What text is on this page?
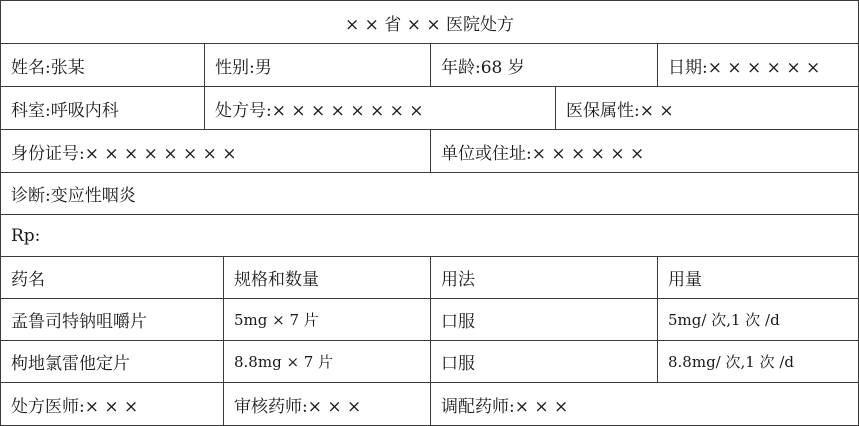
× × 省 × × 医院处方
姓名:张某	性别:男	年龄:68 岁	日期:× × × × × ×
科室:呼吸内科	处方号:× × × × × × × ×	医保属性:× ×
身份证号:× × × × × × × ×	单位或住址:× × × × × ×
诊断:变应性咽炎
Rp:
药名	规格和数量	用法	用量
孟鲁司特钠咀嚼片	5mg × 7 片	口服	5mg/ 次,1 次 /d
枸地氯雷他定片	8.8mg × 7 片	口服	8.8mg/ 次,1 次 /d
处方医师:× × ×	审核药师:× × ×	调配药师:× × ×
